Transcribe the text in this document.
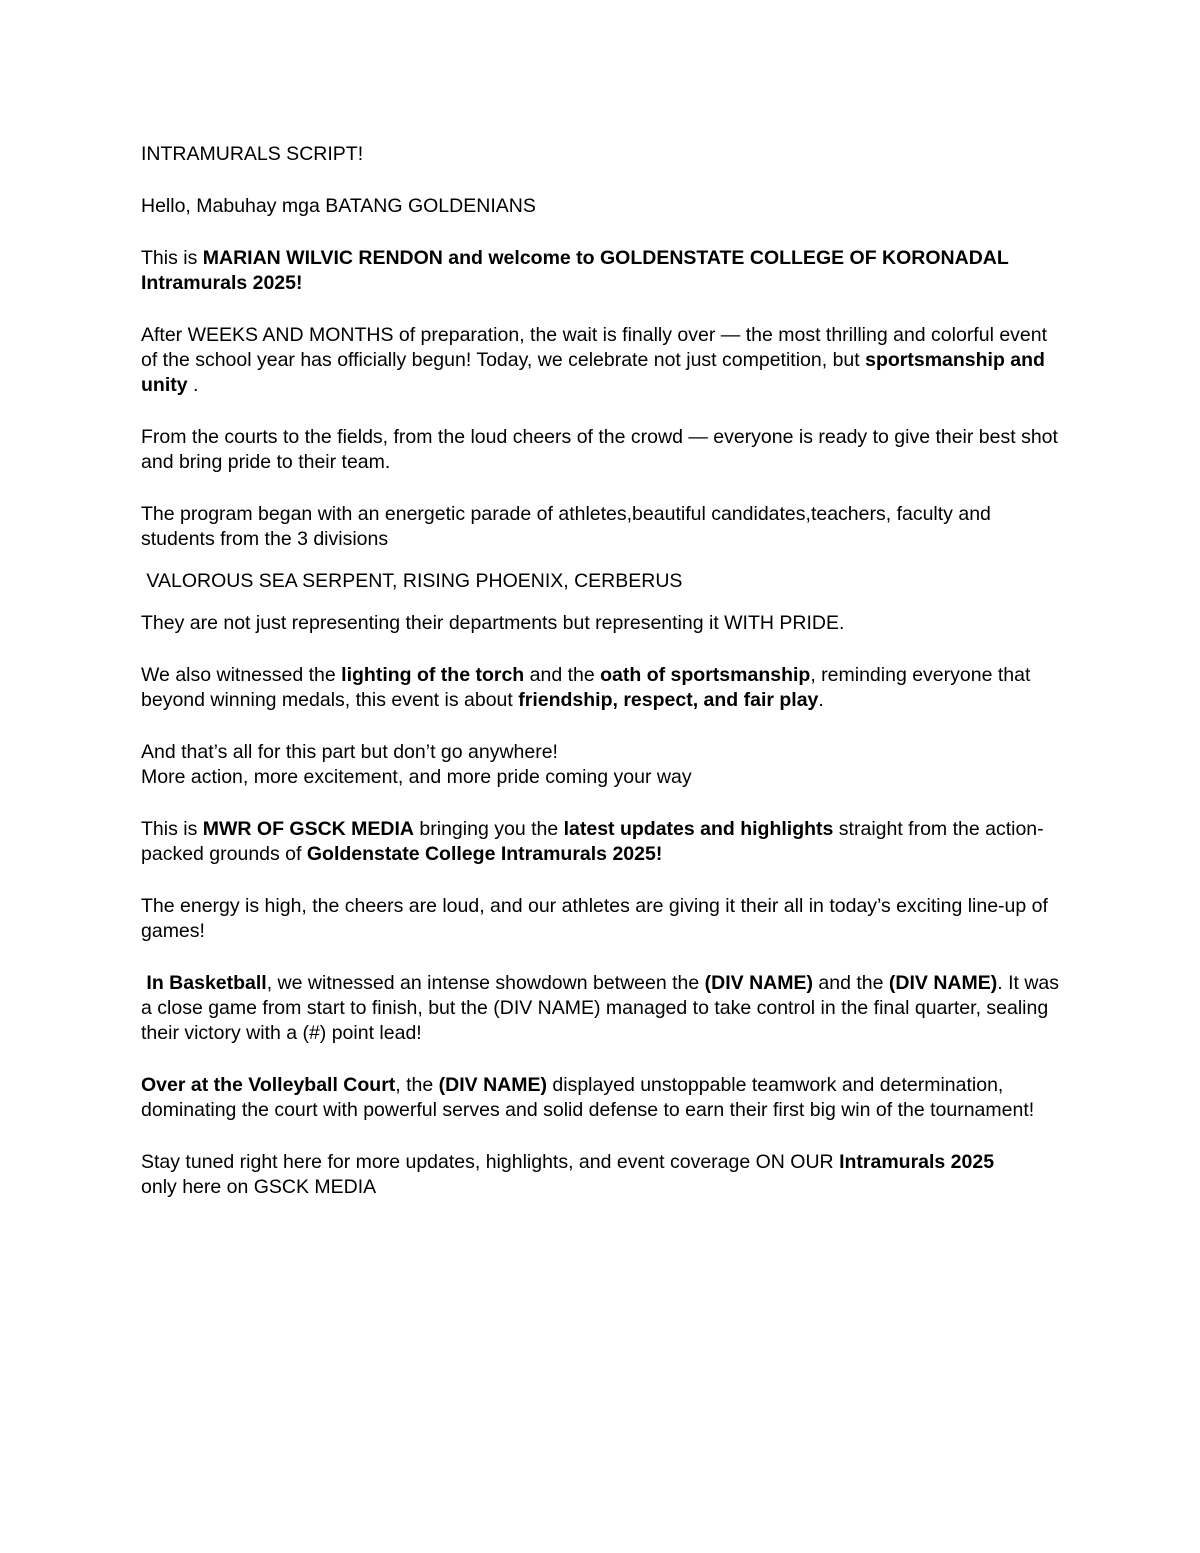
INTRAMURALS SCRIPT!

Hello, Mabuhay mga BATANG GOLDENIANS

This is MARIAN WILVIC RENDON and welcome to GOLDENSTATE COLLEGE OF KORONADAL Intramurals 2025!

After WEEKS AND MONTHS of preparation, the wait is finally over — the most thrilling and colorful event of the school year has officially begun! Today, we celebrate not just competition, but sportsmanship and unity .

From the courts to the fields, from the loud cheers of the crowd — everyone is ready to give their best shot and bring pride to their team.

The program began with an energetic parade of athletes,beautiful candidates,teachers, faculty and students from the 3 divisions

VALOROUS SEA SERPENT, RISING PHOENIX, CERBERUS

They are not just representing their departments but representing it WITH PRIDE.

We also witnessed the lighting of the torch and the oath of sportsmanship, reminding everyone that beyond winning medals, this event is about friendship, respect, and fair play.

And that’s all for this part but don’t go anywhere!

More action, more excitement, and more pride coming your way

This is MWR OF GSCK MEDIA bringing you the latest updates and highlights straight from the action-packed grounds of Goldenstate College Intramurals 2025!

The energy is high, the cheers are loud, and our athletes are giving it their all in today’s exciting line-up of games!

In Basketball, we witnessed an intense showdown between the (DIV NAME) and the (DIV NAME). It was a close game from start to finish, but the (DIV NAME) managed to take control in the final quarter, sealing their victory with a (#) point lead!

Over at the Volleyball Court, the (DIV NAME) displayed unstoppable teamwork and determination, dominating the court with powerful serves and solid defense to earn their first big win of the tournament!

Stay tuned right here for more updates, highlights, and event coverage ON OUR Intramurals 2025

only here on GSCK MEDIA
